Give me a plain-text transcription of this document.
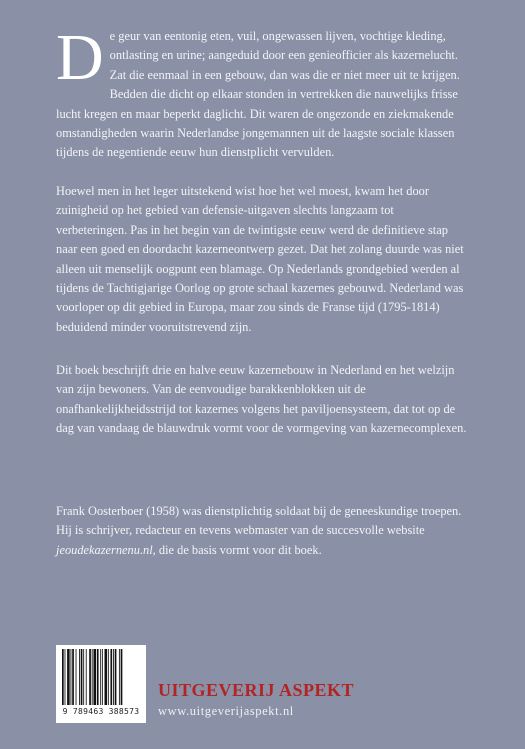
De geur van eentonig eten, vuil, ongewassen lijven, vochtige kleding, ontlasting en urine; aangeduid door een genieofficier als kazernelucht. Zat die eenmaal in een gebouw, dan was die er niet meer uit te krijgen. Bedden die dicht op elkaar stonden in vertrekken die nauwelijks frisse lucht kregen en maar beperkt daglicht. Dit waren de ongezonde en ziekmakende omstandigheden waarin Nederlandse jongemannen uit de laagste sociale klassen tijdens de negentiende eeuw hun dienstplicht vervulden.

Hoewel men in het leger uitstekend wist hoe het wel moest, kwam het door zuinigheid op het gebied van defensie-uitgaven slechts langzaam tot verbeteringen. Pas in het begin van de twintigste eeuw werd de definitieve stap naar een goed en doordacht kazerneontwerp gezet. Dat het zolang duurde was niet alleen uit menselijk oogpunt een blamage. Op Nederlands grondgebied werden al tijdens de Tachtigjarige Oorlog op grote schaal kazernes gebouwd. Nederland was voorloper op dit gebied in Europa, maar zou sinds de Franse tijd (1795-1814) beduidend minder vooruitstrevend zijn.

Dit boek beschrijft drie en halve eeuw kazernebouw in Nederland en het welzijn van zijn bewoners. Van de eenvoudige barakkenblokken uit de onafhankelijkheidsstrijd tot kazernes volgens het paviljoensysteem, dat tot op de dag van vandaag de blauwdruk vormt voor de vormgeving van kazernecomplexen.

Frank Oosterboer (1958) was dienstplichtig soldaat bij de geneeskundige troepen. Hij is schrijver, redacteur en tevens webmaster van de succesvolle website jeoudekazernenu.nl, die de basis vormt voor dit boek.

9 789463 388573
UITGEVERIJ ASPEKT
www.uitgeverijaspekt.nl
